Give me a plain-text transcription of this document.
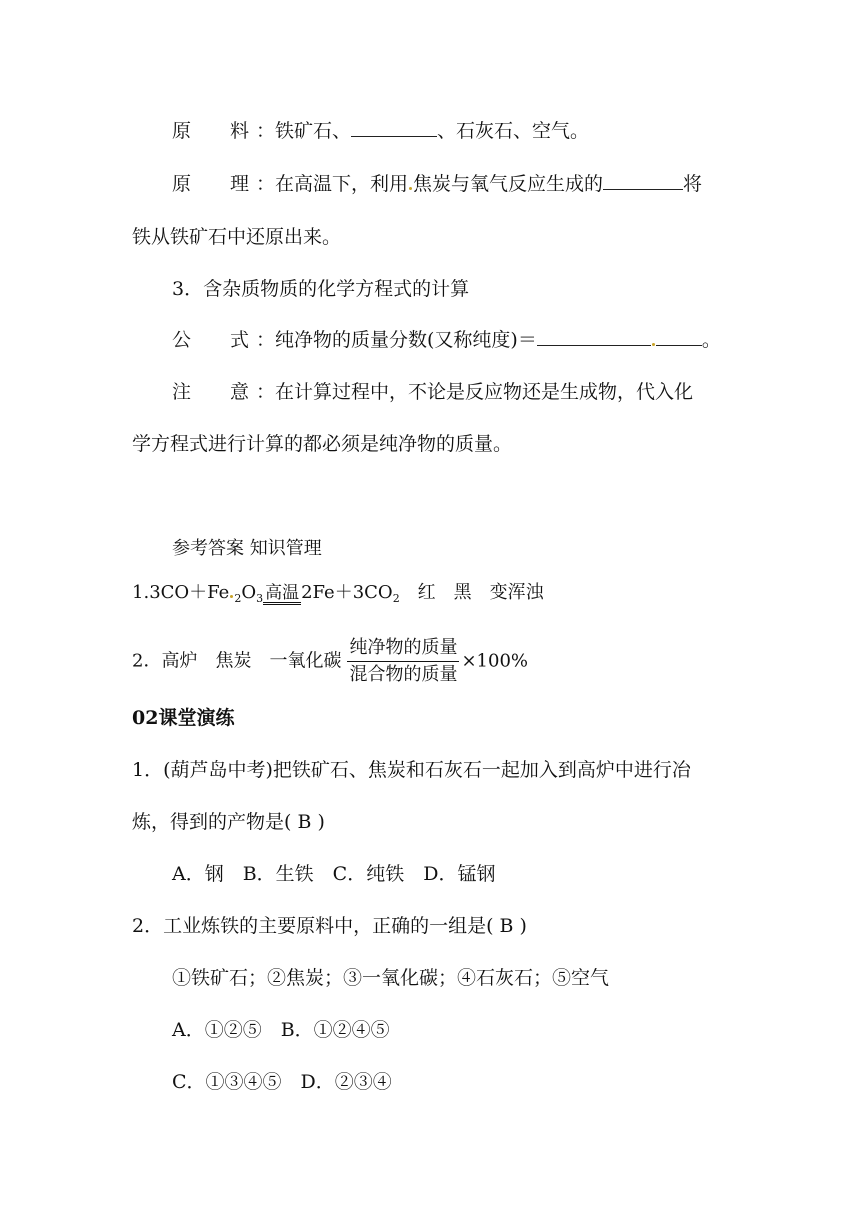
原 料 ：铁矿石、	、石灰石、空气。
原 理 ：在高温下，利用 焦炭与氧气反应生成的	将
铁从铁矿石中还原出来。
3．含杂质物质的化学方程式的计算
公 式 ：纯净物的质量分数(又称纯度)＝	。
注 意 ：在计算过程中，不论是反应物还是生成物，代入化
学方程式进行计算的都必须是纯净物的质量。
参考答案 知识管理
1.3CO＋Fe $_2O_3$ 高温 $2Fe+3CO_2$　红　黑　变浑浊
2．高炉　焦炭　一氧化碳 $\frac{\text{纯净物的质量}}{\text{混合物的质量}} \times 100\%$
02课堂演练
1．(葫芦岛中考)把铁矿石、焦炭和石灰石一起加入到高炉中进行冶
炼，得到的产物是( B )
A．钢　B．生铁　C．纯铁　D．锰钢
2．工业炼铁的主要原料中，正确的一组是( B )
①铁矿石；②焦炭；③一氧化碳；④石灰石；⑤空气
A．①②⑤　B．①②④⑤
C．①③④⑤　D．②③④
